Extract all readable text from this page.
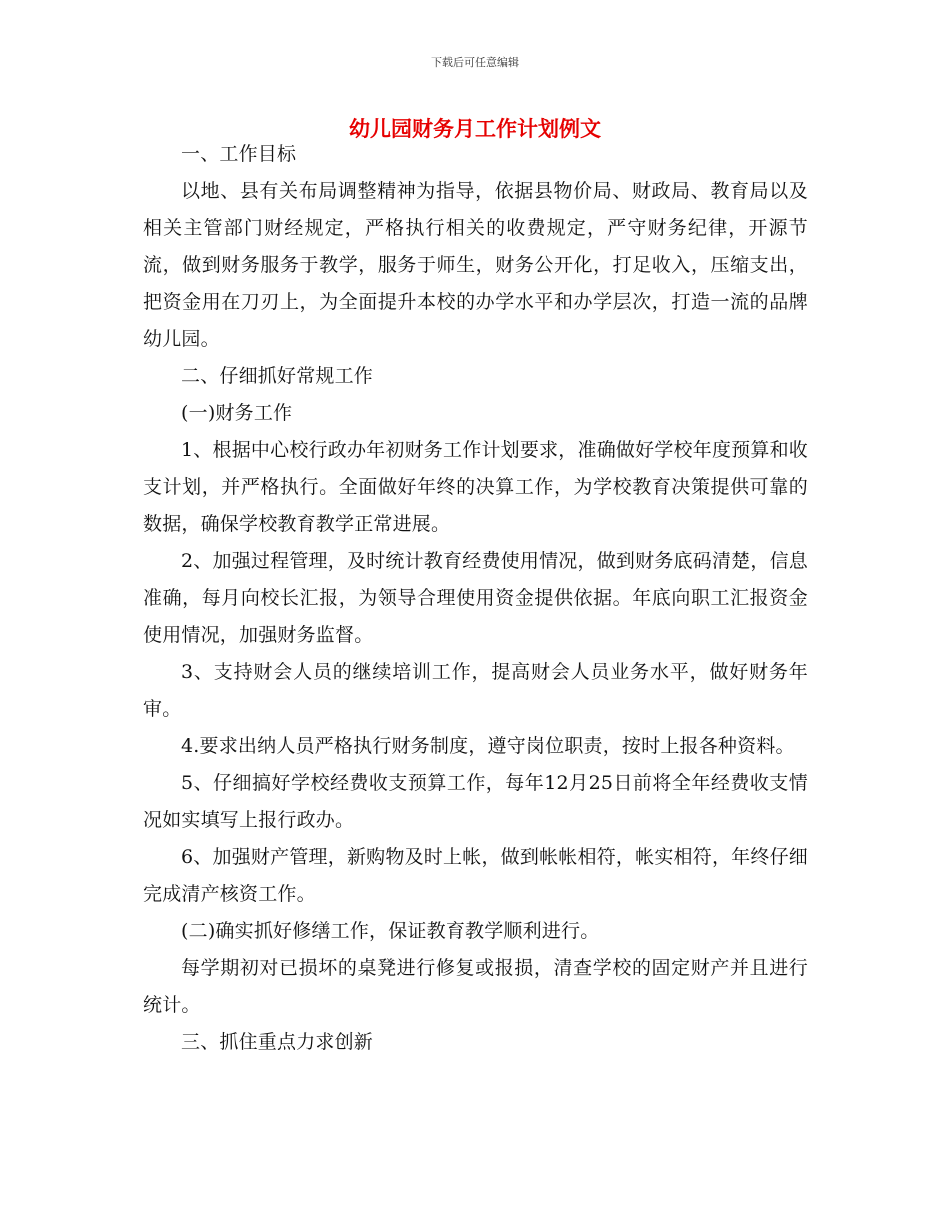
下载后可任意编辑
幼儿园财务月工作计划例文

一、工作目标

以地、县有关布局调整精神为指导，依据县物价局、财政局、教育局以及相关主管部门财经规定，严格执行相关的收费规定，严守财务纪律，开源节流，做到财务服务于教学，服务于师生，财务公开化，打足收入，压缩支出，把资金用在刀刃上，为全面提升本校的办学水平和办学层次，打造一流的品牌幼儿园。

二、仔细抓好常规工作

(一)财务工作

1、根据中心校行政办年初财务工作计划要求，准确做好学校年度预算和收支计划，并严格执行。全面做好年终的决算工作，为学校教育决策提供可靠的数据，确保学校教育教学正常进展。

2、加强过程管理，及时统计教育经费使用情况，做到财务底码清楚，信息准确，每月向校长汇报，为领导合理使用资金提供依据。年底向职工汇报资金使用情况，加强财务监督。

3、支持财会人员的继续培训工作，提高财会人员业务水平，做好财务年审。

4.要求出纳人员严格执行财务制度，遵守岗位职责，按时上报各种资料。

5、仔细搞好学校经费收支预算工作，每年12月25日前将全年经费收支情况如实填写上报行政办。

6、加强财产管理，新购物及时上帐，做到帐帐相符，帐实相符，年终仔细完成清产核资工作。

(二)确实抓好修缮工作，保证教育教学顺利进行。

每学期初对已损坏的桌凳进行修复或报损，清查学校的固定财产并且进行统计。

三、抓住重点力求创新
